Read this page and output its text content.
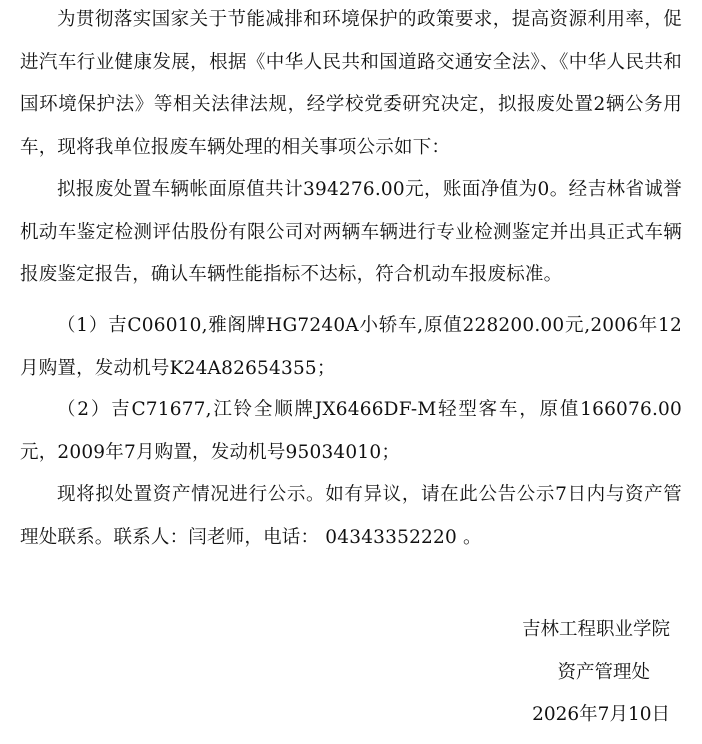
为贯彻落实国家关于节能减排和环境保护的政策要求，提高资源利用率，促进汽车行业健康发展，根据《中华人民共和国道路交通安全法》、《中华人民共和国环境保护法》等相关法律法规，经学校党委研究决定，拟报废处置2辆公务用车，现将我单位报废车辆处理的相关事项公示如下：

拟报废处置车辆帐面原值共计394276.00元，账面净值为0。经吉林省诚誉机动车鉴定检测评估股份有限公司对两辆车辆进行专业检测鉴定并出具正式车辆报废鉴定报告，确认车辆性能指标不达标，符合机动车报废标准。

（1）吉C06010,雅阁牌HG7240A小轿车,原值228200.00元,2006年12月购置，发动机号K24A82654355；

（2）吉C71677,江铃全顺牌JX6466DF-M轻型客车，原值166076.00元，2009年7月购置，发动机号95034010；

现将拟处置资产情况进行公示。如有异议，请在此公告公示7日内与资产管理处联系。联系人：闫老师，电话： 04343352220 。

吉林工程职业学院
资产管理处
2026年7月10日
